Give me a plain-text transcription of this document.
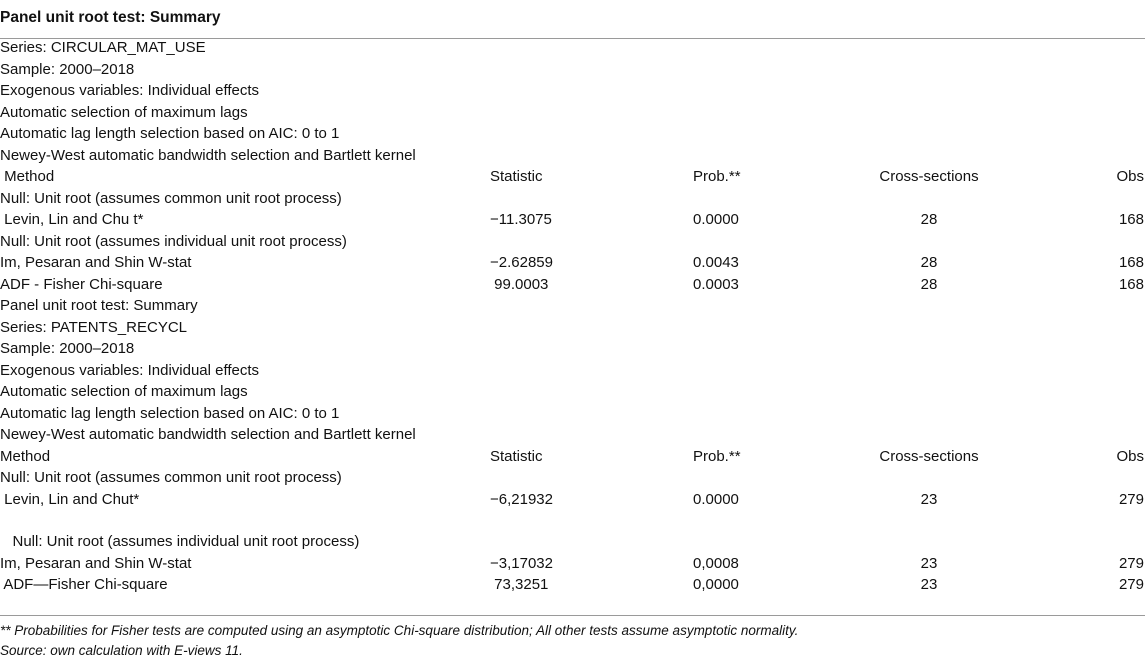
Panel unit root test: Summary
Series: CIRCULAR_MAT_USE
Sample: 2000–2018
Exogenous variables: Individual effects
Automatic selection of maximum lags
Automatic lag length selection based on AIC: 0 to 1
Newey-West automatic bandwidth selection and Bartlett kernel
Method	Statistic	Prob.**	Cross-sections	Obs
Null: Unit root (assumes common unit root process)
Levin, Lin and Chu t*	−11.3075	0.0000	28	168
Null: Unit root (assumes individual unit root process)
Im, Pesaran and Shin W-stat	−2.62859	0.0043	28	168
ADF - Fisher Chi-square	99.0003	0.0003	28	168
Panel unit root test: Summary
Series: PATENTS_RECYCL
Sample: 2000–2018
Exogenous variables: Individual effects
Automatic selection of maximum lags
Automatic lag length selection based on AIC: 0 to 1
Newey-West automatic bandwidth selection and Bartlett kernel
Method	Statistic	Prob.**	Cross-sections	Obs
Null: Unit root (assumes common unit root process)
Levin, Lin and Chut*	−6,21932	0.0000	23	279
Null: Unit root (assumes individual unit root process)
Im, Pesaran and Shin W-stat	−3,17032	0,0008	23	279
ADF—Fisher Chi-square	73,3251	0,0000	23	279
** Probabilities for Fisher tests are computed using an asymptotic Chi-square distribution; All other tests assume asymptotic normality.
Source: own calculation with E-views 11.
